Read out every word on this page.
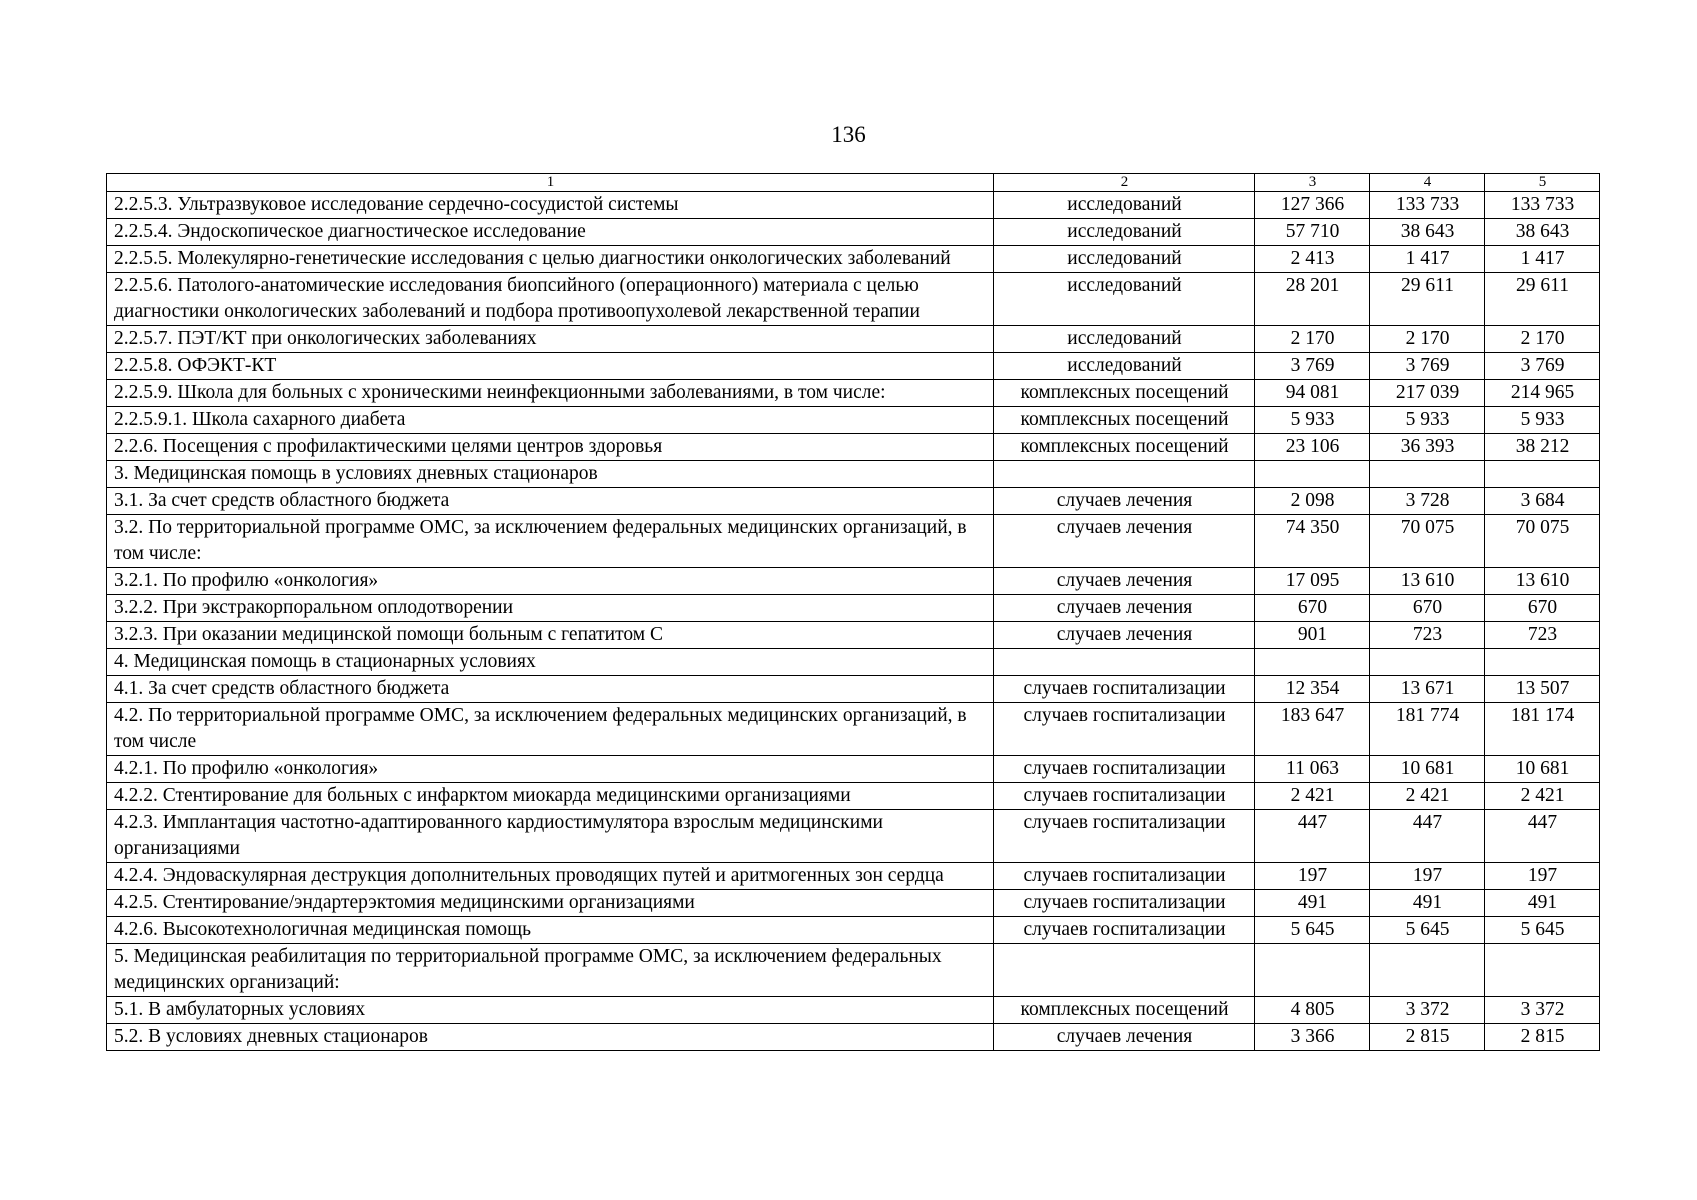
136
1	2	3	4	5
2.2.5.3. Ультразвуковое исследование сердечно-сосудистой системы	исследований	127 366	133 733	133 733
2.2.5.4. Эндоскопическое диагностическое исследование	исследований	57 710	38 643	38 643
2.2.5.5. Молекулярно-генетические исследования с целью диагностики онкологических заболеваний	исследований	2 413	1 417	1 417
2.2.5.6. Патолого-анатомические исследования биопсийного (операционного) материала с целью диагностики онкологических заболеваний и подбора противоопухолевой лекарственной терапии	исследований	28 201	29 611	29 611
2.2.5.7. ПЭТ/КТ при онкологических заболеваниях	исследований	2 170	2 170	2 170
2.2.5.8. ОФЭКТ-КТ	исследований	3 769	3 769	3 769
2.2.5.9. Школа для больных с хроническими неинфекционными заболеваниями, в том числе:	комплексных посещений	94 081	217 039	214 965
2.2.5.9.1. Школа сахарного диабета	комплексных посещений	5 933	5 933	5 933
2.2.6. Посещения с профилактическими целями центров здоровья	комплексных посещений	23 106	36 393	38 212
3. Медицинская помощь в условиях дневных стационаров				
3.1. За счет средств областного бюджета	случаев лечения	2 098	3 728	3 684
3.2. По территориальной программе ОМС, за исключением федеральных медицинских организаций, в том числе:	случаев лечения	74 350	70 075	70 075
3.2.1. По профилю «онкология»	случаев лечения	17 095	13 610	13 610
3.2.2. При экстракорпоральном оплодотворении	случаев лечения	670	670	670
3.2.3. При оказании медицинской помощи больным с гепатитом С	случаев лечения	901	723	723
4. Медицинская помощь в стационарных условиях				
4.1. За счет средств областного бюджета	случаев госпитализации	12 354	13 671	13 507
4.2. По территориальной программе ОМС, за исключением федеральных медицинских организаций, в том числе	случаев госпитализации	183 647	181 774	181 174
4.2.1. По профилю «онкология»	случаев госпитализации	11 063	10 681	10 681
4.2.2. Стентирование для больных с инфарктом миокарда медицинскими организациями	случаев госпитализации	2 421	2 421	2 421
4.2.3. Имплантация частотно-адаптированного кардиостимулятора взрослым медицинскими организациями	случаев госпитализации	447	447	447
4.2.4. Эндоваскулярная деструкция дополнительных проводящих путей и аритмогенных зон сердца	случаев госпитализации	197	197	197
4.2.5. Стентирование/эндартерэктомия медицинскими организациями	случаев госпитализации	491	491	491
4.2.6. Высокотехнологичная медицинская помощь	случаев госпитализации	5 645	5 645	5 645
5. Медицинская реабилитация по территориальной программе ОМС, за исключением федеральных медицинских организаций:				
5.1. В амбулаторных условиях	комплексных посещений	4 805	3 372	3 372
5.2. В условиях дневных стационаров	случаев лечения	3 366	2 815	2 815
